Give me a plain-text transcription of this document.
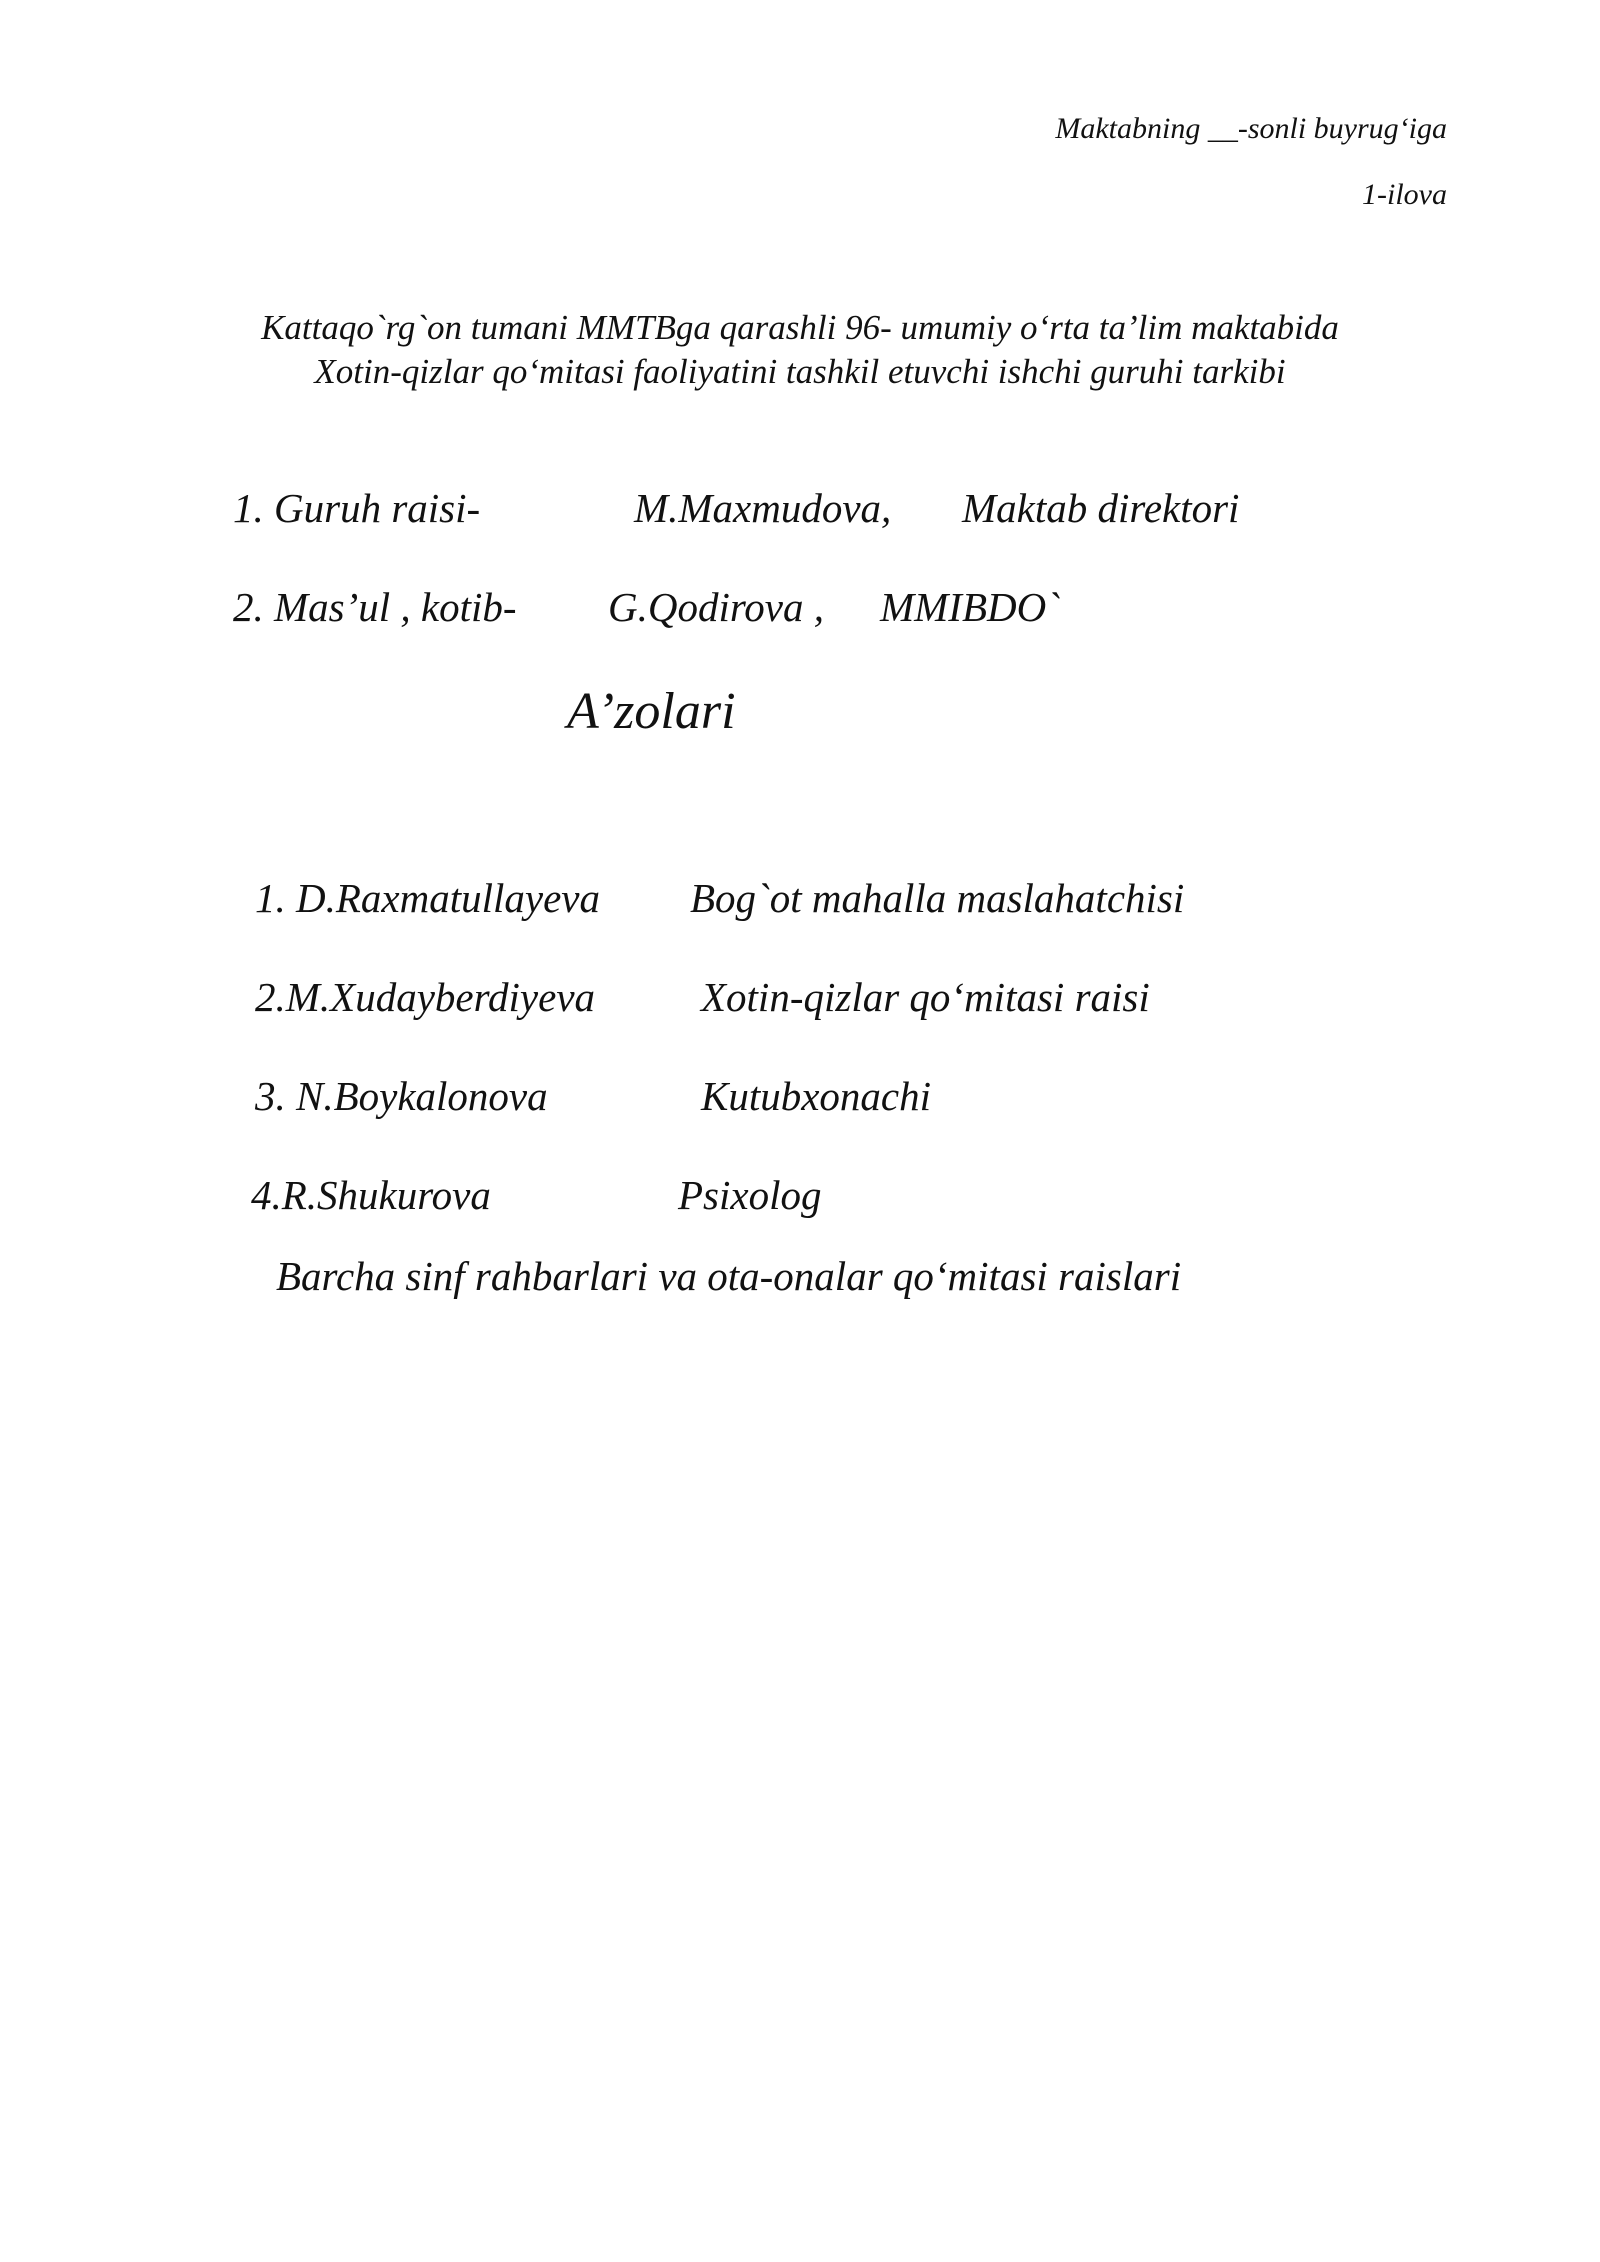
Maktabning __-sonli buyrug‘iga
1-ilova
Kattaqo`rg`on tumani MMTBga qarashli 96- umumiy o‘rta ta’lim maktabida
Xotin-qizlar qo‘mitasi faoliyatini tashkil etuvchi ishchi guruhi tarkibi
1. Guruh raisi-	M.Maxmudova, Maktab direktori
2. Mas’ul , kotib- G.Qodirova , MMIBDO`
A’zolari
1. D.Raxmatullayeva Bog`ot mahalla maslahatchisi
2.M.Xudayberdiyeva	Xotin-qizlar qo‘mitasi raisi
3. N.Boykalonova	Kutubxonachi
4.R.Shukurova	Psixolog
Barcha sinf rahbarlari va ota-onalar qo‘mitasi raislari
